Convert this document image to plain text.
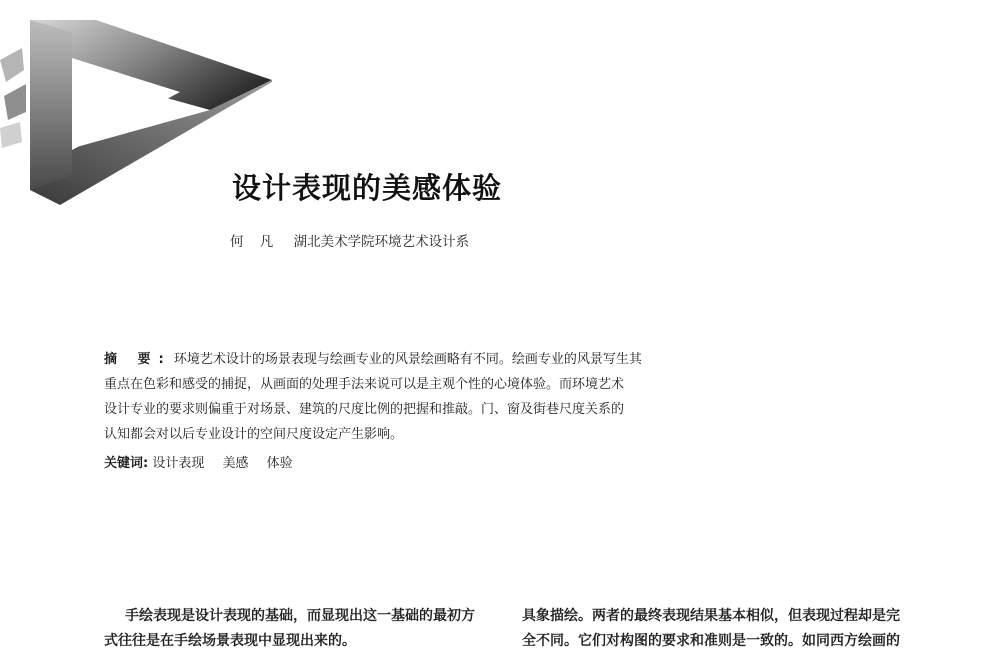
设计表现的美感体验
何 凡 湖北美术学院环境艺术设计系

摘 要: 环境艺术设计的场景表现与绘画专业的风景绘画略有不同。绘画专业的风景写生其

重点在色彩和感受的捕捉，从画面的处理手法来说可以是主观个性的心境体验。而环境艺术

设计专业的要求则偏重于对场景、建筑的尺度比例的把握和推敲。门、窗及街巷尺度关系的

认知都会对以后专业设计的空间尺度设定产生影响。

关键词: 设计表现 美感 体验

  手绘表现是设计表现的基础，而显现出这一基础的最初方

式往往是在手绘场景表现中显现出来的。

具象描绘。两者的最终表现结果基本相似，但表现过程却是完

全不同。它们对构图的要求和准则是一致的。如同西方绘画的
